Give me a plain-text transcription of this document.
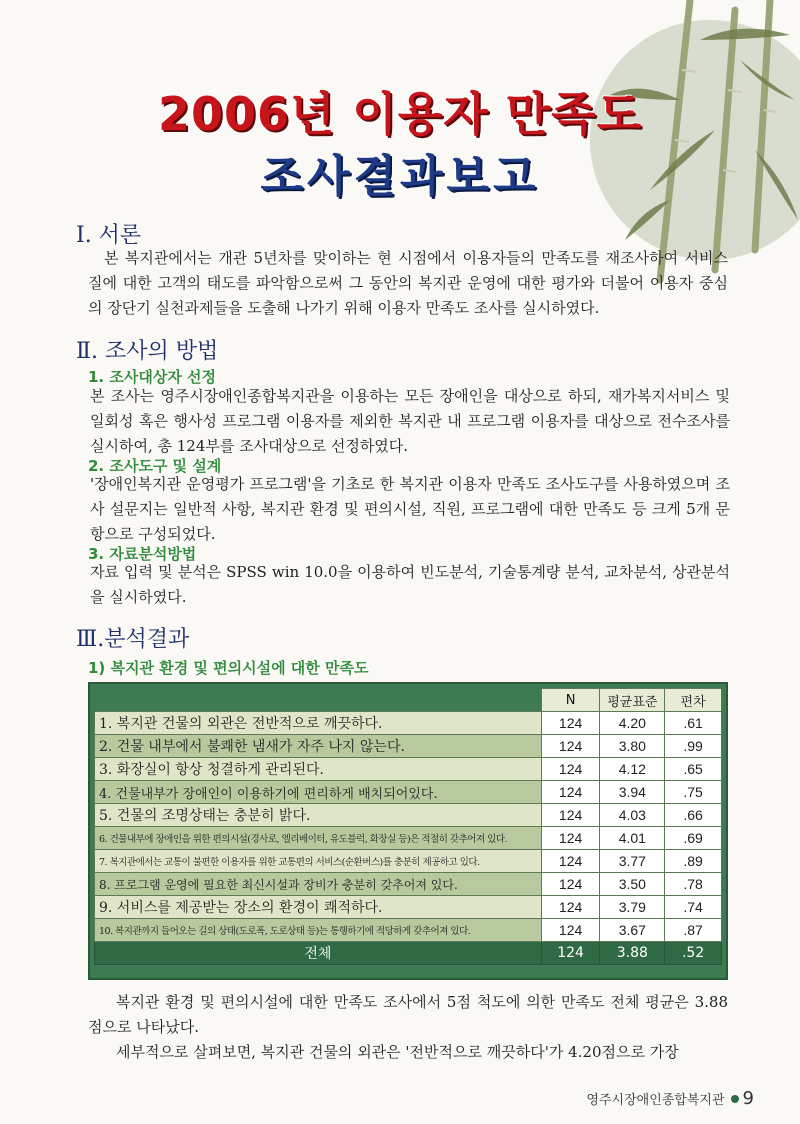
2006년 이용자 만족도
조사결과보고
Ⅰ. 서론
본 복지관에서는 개관 5년차를 맞이하는 현 시점에서 이용자들의 만족도를 재조사하여 서비스 질에 대한 고객의 태도를 파악함으로써 그 동안의 복지관 운영에 대한 평가와 더불어 이용자 중심의 장단기 실천과제들을 도출해 나가기 위해 이용자 만족도 조사를 실시하였다.
Ⅱ. 조사의 방법
1. 조사대상자 선정
본 조사는 영주시장애인종합복지관을 이용하는 모든 장애인을 대상으로 하되, 재가복지서비스 및 일회성 혹은 행사성 프로그램 이용자를 제외한 복지관 내 프로그램 이용자를 대상으로 전수조사를 실시하여, 총 124부를 조사대상으로 선정하였다.
2. 조사도구 및 설계
'장애인복지관 운영평가 프로그램'을 기초로 한 복지관 이용자 만족도 조사도구를 사용하였으며 조사 설문지는 일반적 사항, 복지관 환경 및 편의시설, 직원, 프로그램에 대한 만족도 등 크게 5개 문항으로 구성되었다.
3. 자료분석방법
자료 입력 및 분석은 SPSS win 10.0을 이용하여 빈도분석, 기술통계량 분석, 교차분석, 상관분석을 실시하였다.
Ⅲ.분석결과
1) 복지관 환경 및 편의시설에 대한 만족도
	N	평균표준	편차
1. 복지관 건물의 외관은 전반적으로 깨끗하다.	124	4.20	.61
2. 건물 내부에서 불쾌한 냄새가 자주 나지 않는다.	124	3.80	.99
3. 화장실이 항상 청결하게 관리된다.	124	4.12	.65
4. 건물내부가 장애인이 이용하기에 편리하게 배치되어있다.	124	3.94	.75
5. 건물의 조명상태는 충분히 밝다.	124	4.03	.66
6. 건물내부에 장애인을 위한 편의시설(경사로, 엘리베이터, 유도블럭, 화장실 등)은 적절히 갖추어져 있다.	124	4.01	.69
7. 복지관에서는 교통이 불편한 이용자를 위한 교통편의 서비스(순환버스)를 충분히 제공하고 있다.	124	3.77	.89
8. 프로그램 운영에 필요한 최신시설과 장비가 충분히 갖추어져 있다.	124	3.50	.78
9. 서비스를 제공받는 장소의 환경이 쾌적하다.	124	3.79	.74
10. 복지관까지 들어오는 길의 상태(도로폭, 도로상태 등)는 통행하기에 적당하게 갖추어져 있다.	124	3.67	.87
전체	124	3.88	.52
복지관 환경 및 편의시설에 대한 만족도 조사에서 5점 척도에 의한 만족도 전체 평균은 3.88점으로 나타났다.
세부적으로 살펴보면, 복지관 건물의 외관은 '전반적으로 깨끗하다'가 4.20점으로 가장
영주시장애인종합복지관 9
